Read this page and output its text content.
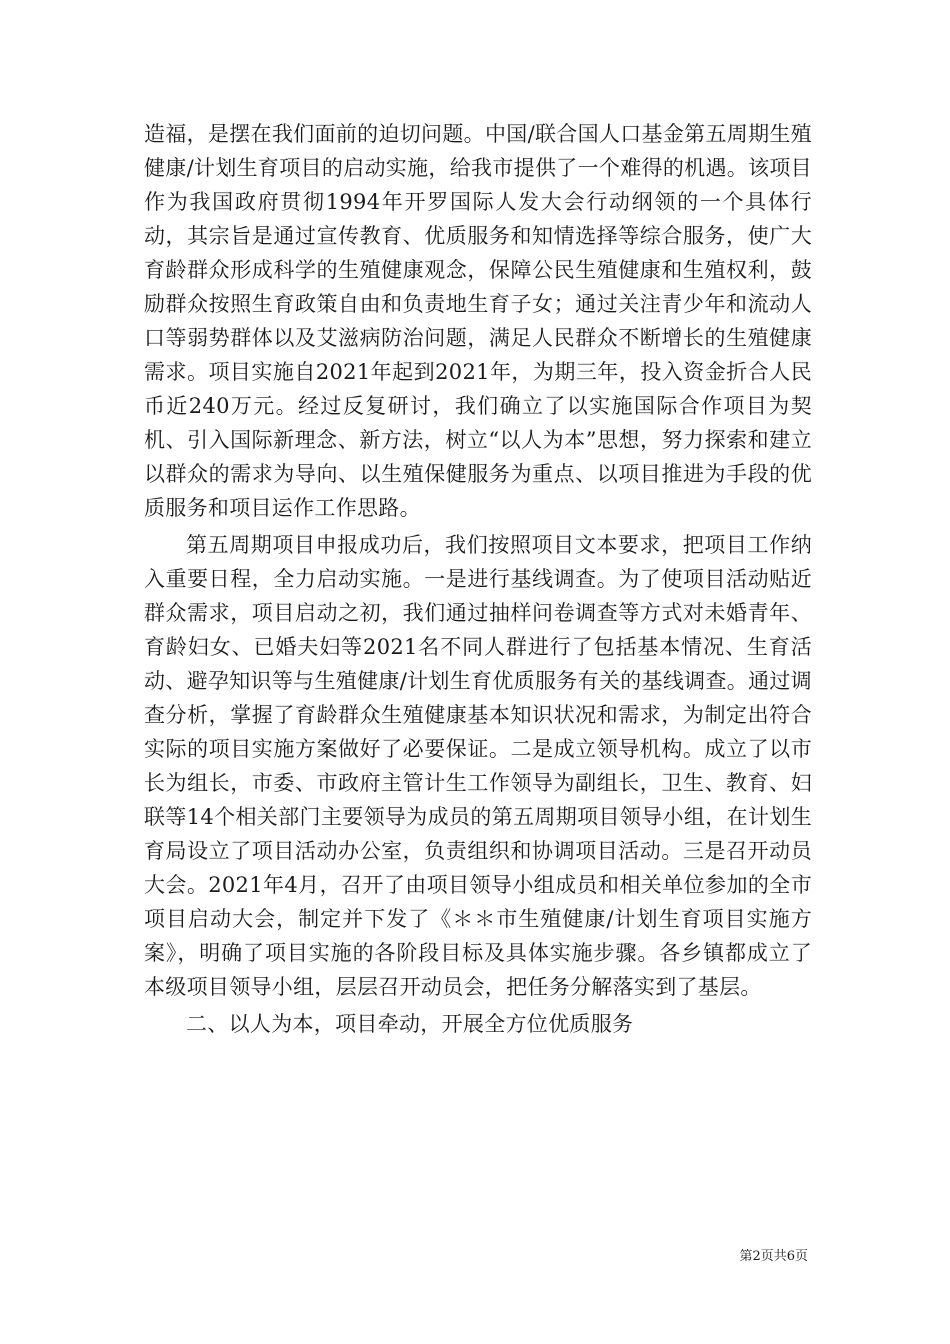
造福，是摆在我们面前的迫切问题。中国/联合国人口基金第五周期生殖健康/计划生育项目的启动实施，给我市提供了一个难得的机遇。该项目作为我国政府贯彻1994年开罗国际人发大会行动纲领的一个具体行动，其宗旨是通过宣传教育、优质服务和知情选择等综合服务，使广大育龄群众形成科学的生殖健康观念，保障公民生殖健康和生殖权利，鼓励群众按照生育政策自由和负责地生育子女；通过关注青少年和流动人口等弱势群体以及艾滋病防治问题，满足人民群众不断增长的生殖健康需求。项目实施自2021年起到2021年，为期三年，投入资金折合人民币近240万元。经过反复研讨，我们确立了以实施国际合作项目为契机、引入国际新理念、新方法，树立“以人为本”思想，努力探索和建立以群众的需求为导向、以生殖保健服务为重点、以项目推进为手段的优质服务和项目运作工作思路。

第五周期项目申报成功后，我们按照项目文本要求，把项目工作纳入重要日程，全力启动实施。一是进行基线调查。为了使项目活动贴近群众需求，项目启动之初，我们通过抽样问卷调查等方式对未婚青年、育龄妇女、已婚夫妇等2021名不同人群进行了包括基本情况、生育活动、避孕知识等与生殖健康/计划生育优质服务有关的基线调查。通过调查分析，掌握了育龄群众生殖健康基本知识状况和需求，为制定出符合实际的项目实施方案做好了必要保证。二是成立领导机构。成立了以市长为组长，市委、市政府主管计生工作领导为副组长，卫生、教育、妇联等14个相关部门主要领导为成员的第五周期项目领导小组，在计划生育局设立了项目活动办公室，负责组织和协调项目活动。三是召开动员大会。2021年4月，召开了由项目领导小组成员和相关单位参加的全市项目启动大会，制定并下发了《＊＊市生殖健康/计划生育项目实施方案》，明确了项目实施的各阶段目标及具体实施步骤。各乡镇都成立了本级项目领导小组，层层召开动员会，把任务分解落实到了基层。

二、以人为本，项目牵动，开展全方位优质服务

第2页共6页
